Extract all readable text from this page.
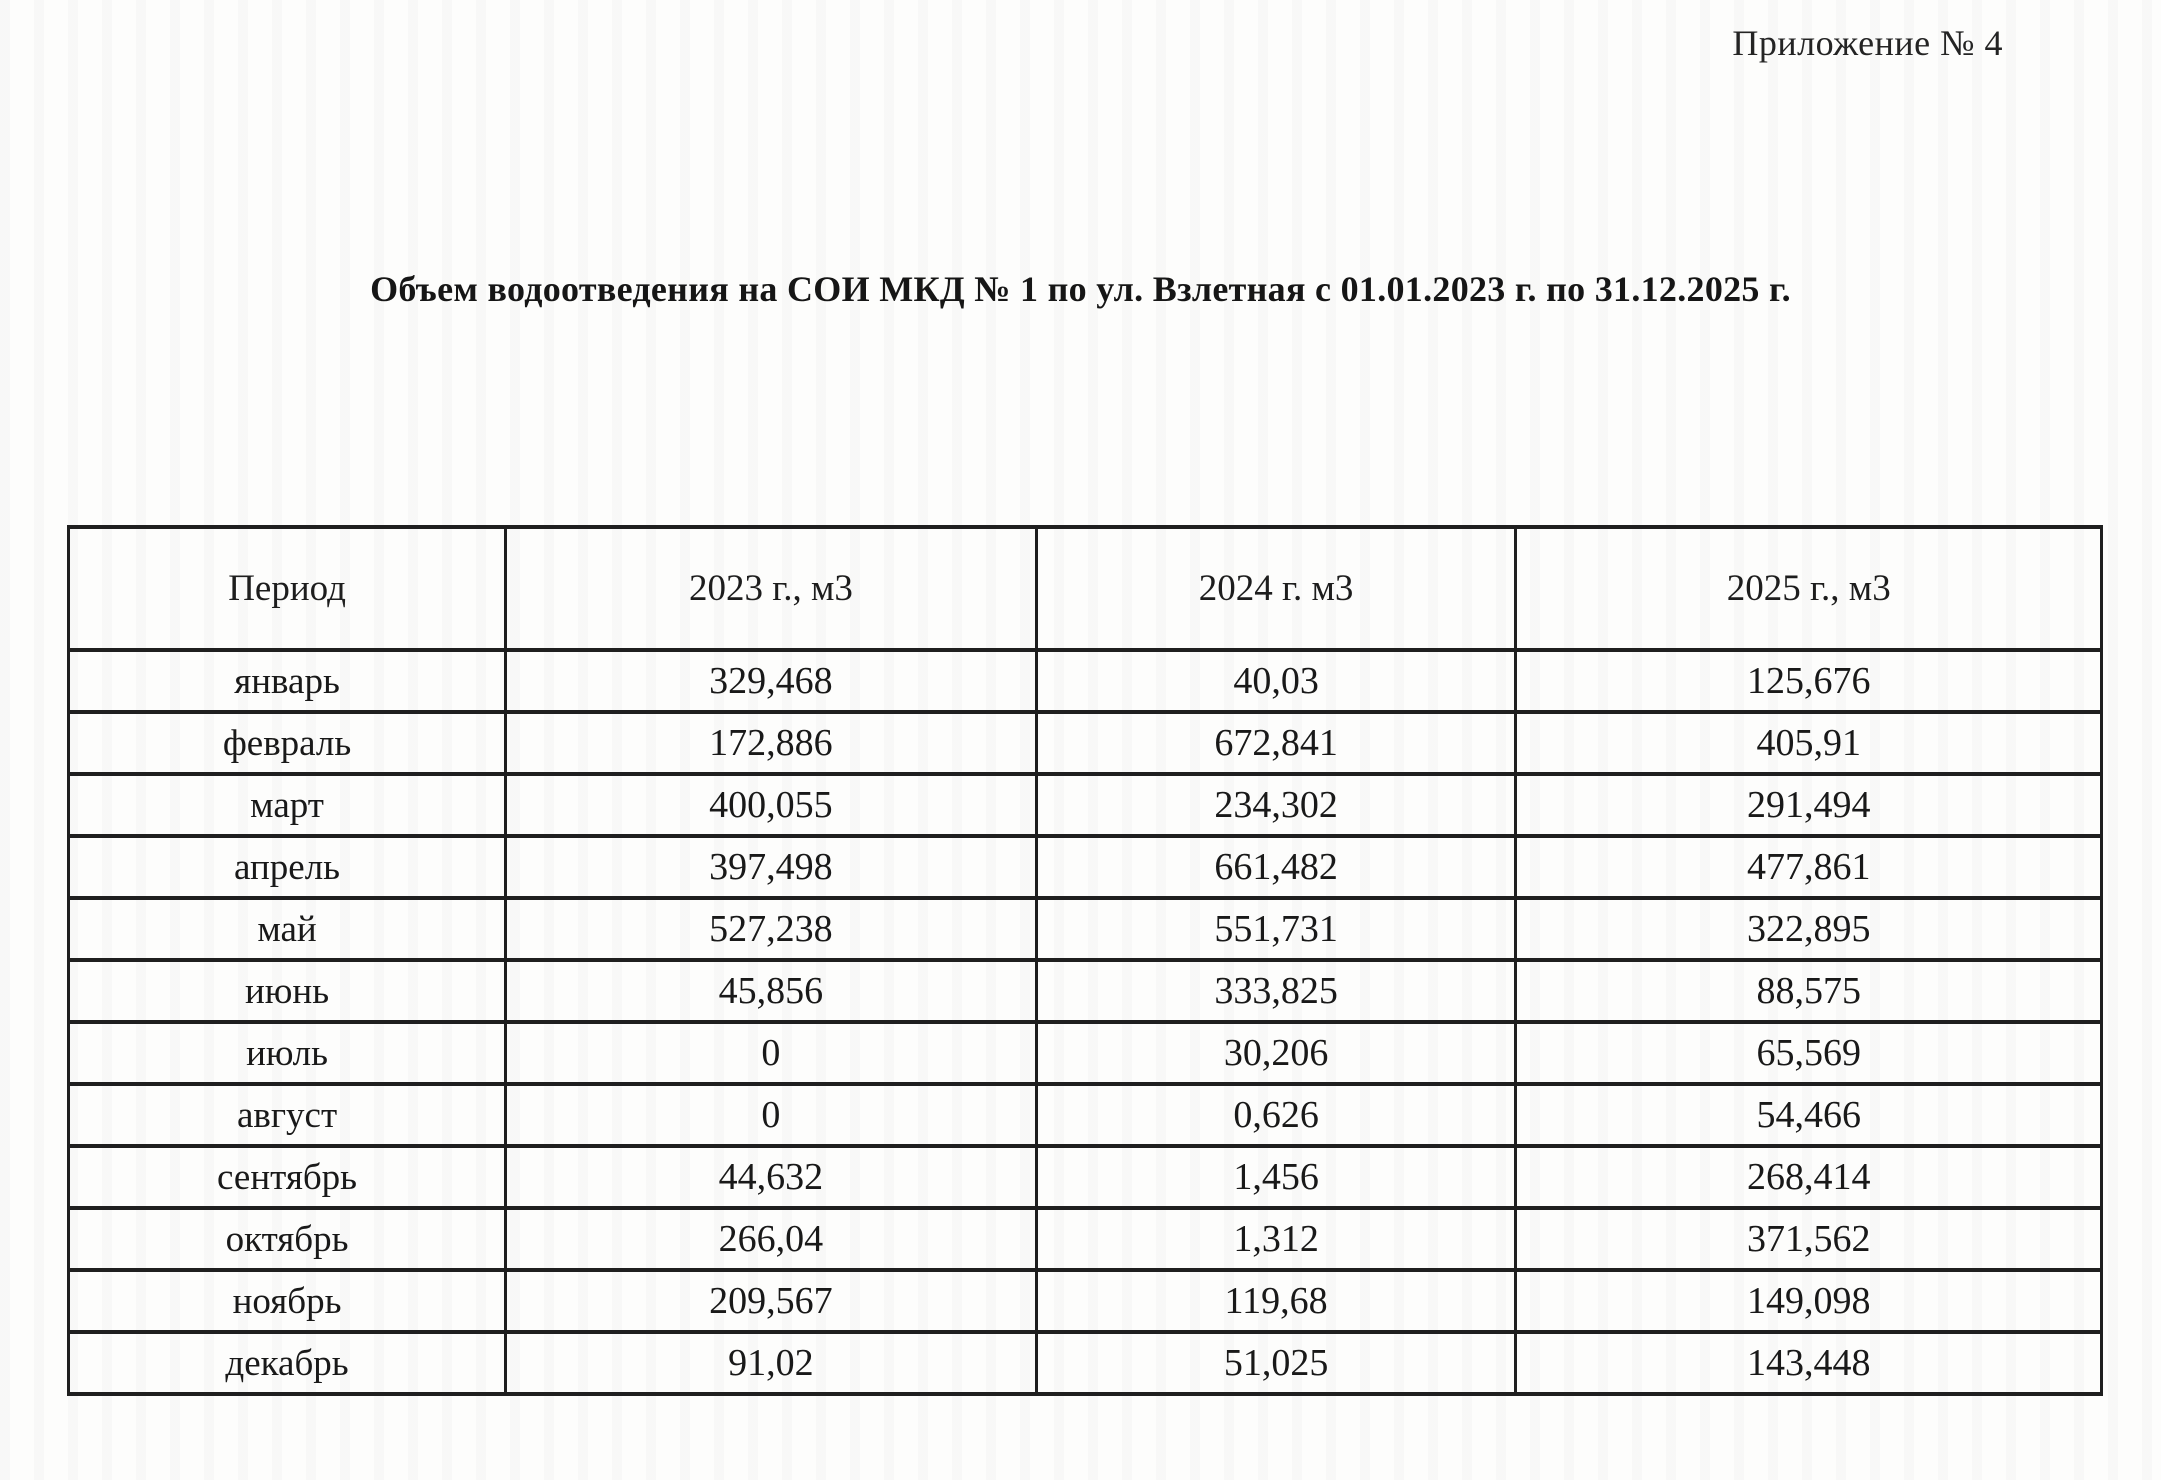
Приложение № 4
Объем водоотведения на СОИ МКД № 1 по ул. Взлетная с 01.01.2023 г. по 31.12.2025 г.
Период	2023 г., м3	2024 г. м3	2025 г., м3
январь	329,468	40,03	125,676
февраль	172,886	672,841	405,91
март	400,055	234,302	291,494
апрель	397,498	661,482	477,861
май	527,238	551,731	322,895
июнь	45,856	333,825	88,575
июль	0	30,206	65,569
август	0	0,626	54,466
сентябрь	44,632	1,456	268,414
октябрь	266,04	1,312	371,562
ноябрь	209,567	119,68	149,098
декабрь	91,02	51,025	143,448
